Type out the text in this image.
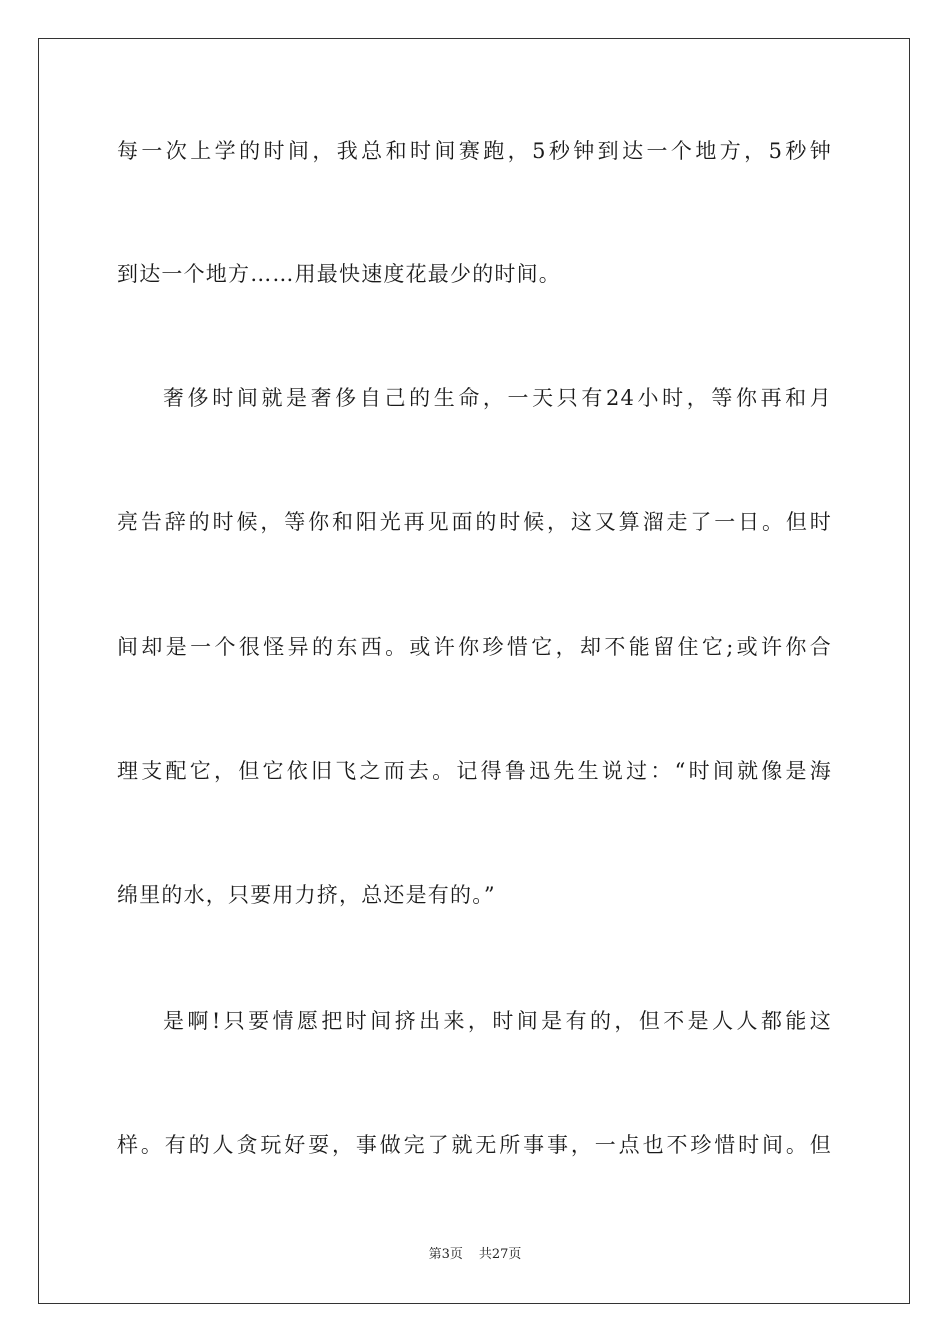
每一次上学的时间，我总和时间赛跑，5秒钟到达一个地方，5秒钟
到达一个地方……用最快速度花最少的时间。
奢侈时间就是奢侈自己的生命，一天只有24小时，等你再和月
亮告辞的时候，等你和阳光再见面的时候，这又算溜走了一日。但时
间却是一个很怪异的东西。或许你珍惜它，却不能留住它;或许你合
理支配它，但它依旧飞之而去。记得鲁迅先生说过：“时间就像是海
绵里的水，只要用力挤，总还是有的。”
是啊!只要情愿把时间挤出来，时间是有的，但不是人人都能这
样。有的人贪玩好耍，事做完了就无所事事，一点也不珍惜时间。但
第3页 共27页
